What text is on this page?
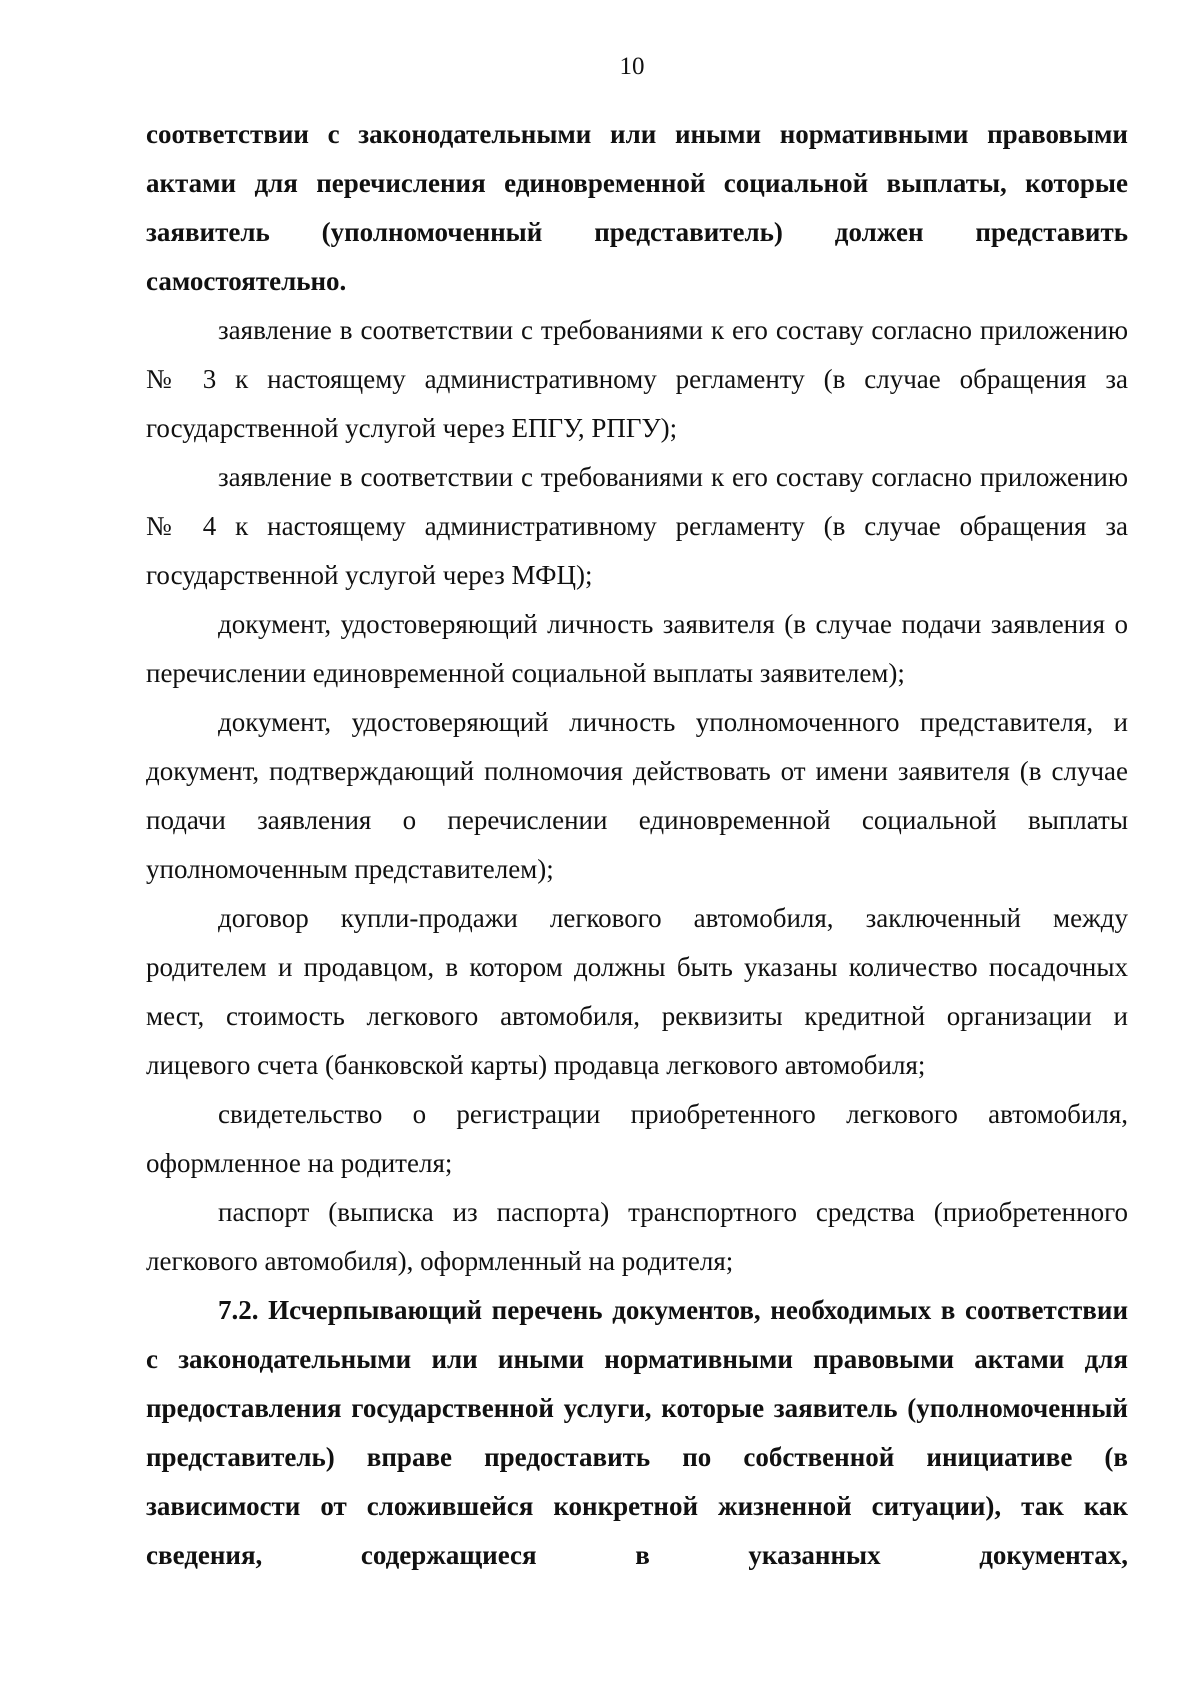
10

соответствии с законодательными или иными нормативными правовыми актами для перечисления единовременной социальной выплаты, которые заявитель (уполномоченный представитель) должен представить самостоятельно.

заявление в соответствии с требованиями к его составу согласно приложению № 3 к настоящему административному регламенту (в случае обращения за государственной услугой через ЕПГУ, РПГУ);

заявление в соответствии с требованиями к его составу согласно приложению № 4 к настоящему административному регламенту (в случае обращения за государственной услугой через МФЦ);

документ, удостоверяющий личность заявителя (в случае подачи заявления о перечислении единовременной социальной выплаты заявителем);

документ, удостоверяющий личность уполномоченного представителя, и документ, подтверждающий полномочия действовать от имени заявителя (в случае подачи заявления о перечислении единовременной социальной выплаты уполномоченным представителем);

договор купли-продажи легкового автомобиля, заключенный между родителем и продавцом, в котором должны быть указаны количество посадочных мест, стоимость легкового автомобиля, реквизиты кредитной организации и лицевого счета (банковской карты) продавца легкового автомобиля;

свидетельство о регистрации приобретенного легкового автомобиля, оформленное на родителя;

паспорт (выписка из паспорта) транспортного средства (приобретенного легкового автомобиля), оформленный на родителя;

7.2. Исчерпывающий перечень документов, необходимых в соответствии с законодательными или иными нормативными правовыми актами для предоставления государственной услуги, которые заявитель (уполномоченный представитель) вправе предоставить по собственной инициативе (в зависимости от сложившейся конкретной жизненной ситуации), так как сведения, содержащиеся в указанных документах,
